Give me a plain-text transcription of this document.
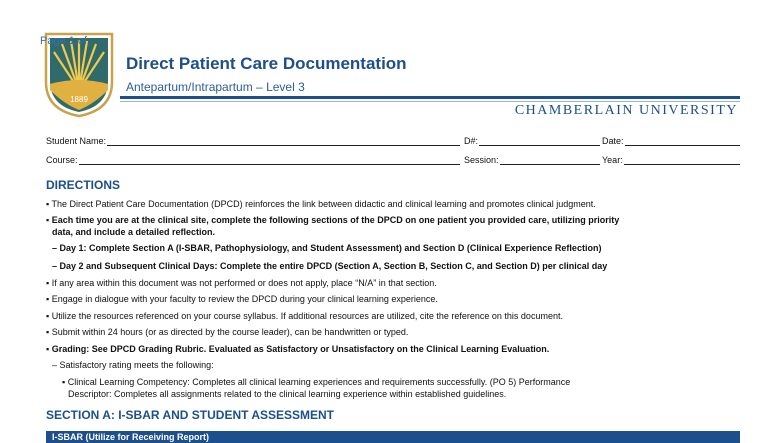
Page 1 of
1889
Direct Patient Care Documentation
Antepartum/Intrapartum – Level 3
CHAMBERLAIN UNIVERSITY
Student Name:	D#:	Date:
Course:	Session:	Year:
DIRECTIONS
▪ The Direct Patient Care Documentation (DPCD) reinforces the link between didactic and clinical learning and promotes clinical judgment.
▪ Each time you are at the clinical site, complete the following sections of the DPCD on one patient you provided care, utilizing priority
data, and include a detailed reflection.
– Day 1: Complete Section A (I-SBAR, Pathophysiology, and Student Assessment) and Section D (Clinical Experience Reflection)
– Day 2 and Subsequent Clinical Days: Complete the entire DPCD (Section A, Section B, Section C, and Section D) per clinical day
▪ If any area within this document was not performed or does not apply, place “N/A” in that section.
▪ Engage in dialogue with your faculty to review the DPCD during your clinical learning experience.
▪ Utilize the resources referenced on your course syllabus. If additional resources are utilized, cite the reference on this document.
▪ Submit within 24 hours (or as directed by the course leader), can be handwritten or typed.
▪ Grading: See DPCD Grading Rubric. Evaluated as Satisfactory or Unsatisfactory on the Clinical Learning Evaluation.
– Satisfactory rating meets the following:
▪ Clinical Learning Competency: Completes all clinical learning experiences and requirements successfully. (PO 5) Performance
Descriptor: Completes all assignments related to the clinical learning experience within established guidelines.
SECTION A: I-SBAR AND STUDENT ASSESSMENT
I-SBAR (Utilize for Receiving Report)
